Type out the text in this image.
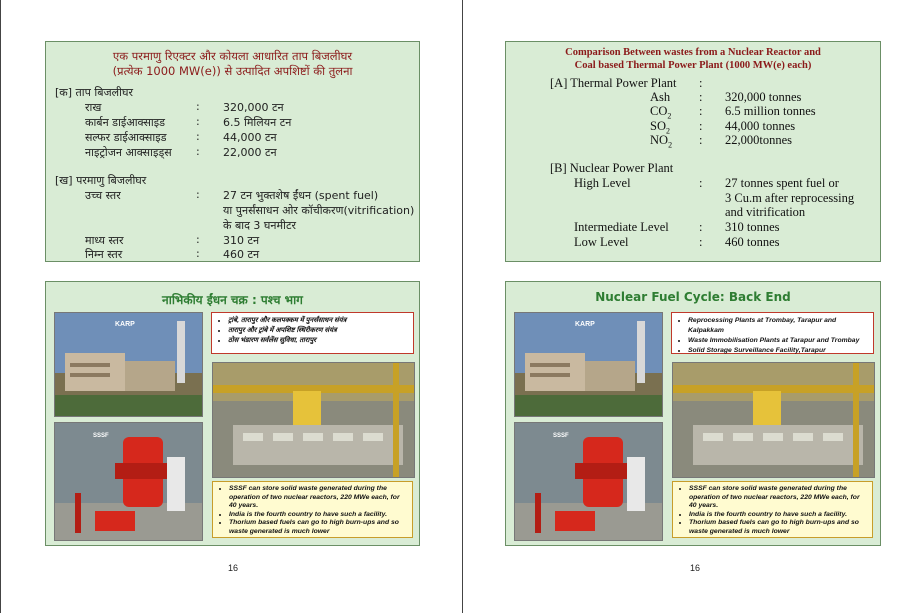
एक परमाणु रिएक्टर और कोयला आधारित ताप बिजलीघर
(प्रत्येक 1000 MW(e)) से उत्पादित अपशिष्टों की तुलना
[क] ताप बिजलीघर
राख	: 320,000 टन
कार्बन डाईआक्साइड	: 6.5 मिलियन टन
सल्फर डाईआक्साइड	: 44,000 टन
नाइट्रोजन आक्साइड्स : 22,000 टन
[ख] परमाणु बिजलीघर
उच्च स्तर	: 27 टन भुक्तशेष ईंधन (spent fuel)
या पुनर्संसाधन ओर कॉचीकरण(vitrification)
के बाद 3 घनमीटर
माध्य स्तर	: 310 टन
निम्न स्तर	: 460 टन
नाभिकीय ईंधन चक्र : पश्च भाग
KARP
• ट्रांबे, तारापुर और कलपक्कम में पुनर्संसाधन संयंत्र
• तारापुर और ट्रांबे में अपशिष्ट स्थिरीकरण संयंत्र
• ठोस भंडारण सर्वलेंस सुविधा, तारापुर
SSSF
• SSSF can store solid waste generated during the operation of two nuclear reactors, 220 MWe each, for 40 years.
• India is the fourth country to have such a facility.
• Thorium based fuels can go to high burn-ups and so waste generated is much lower
16
Comparison Between wastes from a Nuclear Reactor and
Coal based Thermal Power Plant (1000 MW(e) each)
[A] Thermal Power Plant :
Ash : 320,000 tonnes
$CO_2$ : 6.5 million tonnes
$SO_2$ : 44,000 tonnes
$NO_2$ : 22,000tonnes
[B] Nuclear Power Plant
High Level	: 27 tonnes spent fuel or
3 Cu.m after reprocessing
and vitrification
Intermediate Level : 310 tonnes
Low Level	: 460 tonnes
Nuclear Fuel Cycle: Back End
KARP
• Reprocessing Plants at Trombay, Tarapur and Kalpakkam
• Waste Immobilisation Plants at Tarapur and Trombay
• Solid Storage Surveillance Facility,Tarapur
SSSF
• SSSF can store solid waste generated during the operation of two nuclear reactors, 220 MWe each, for 40 years.
• India is the fourth country to have such a facility.
• Thorium based fuels can go to high burn-ups and so waste generated is much lower
16
